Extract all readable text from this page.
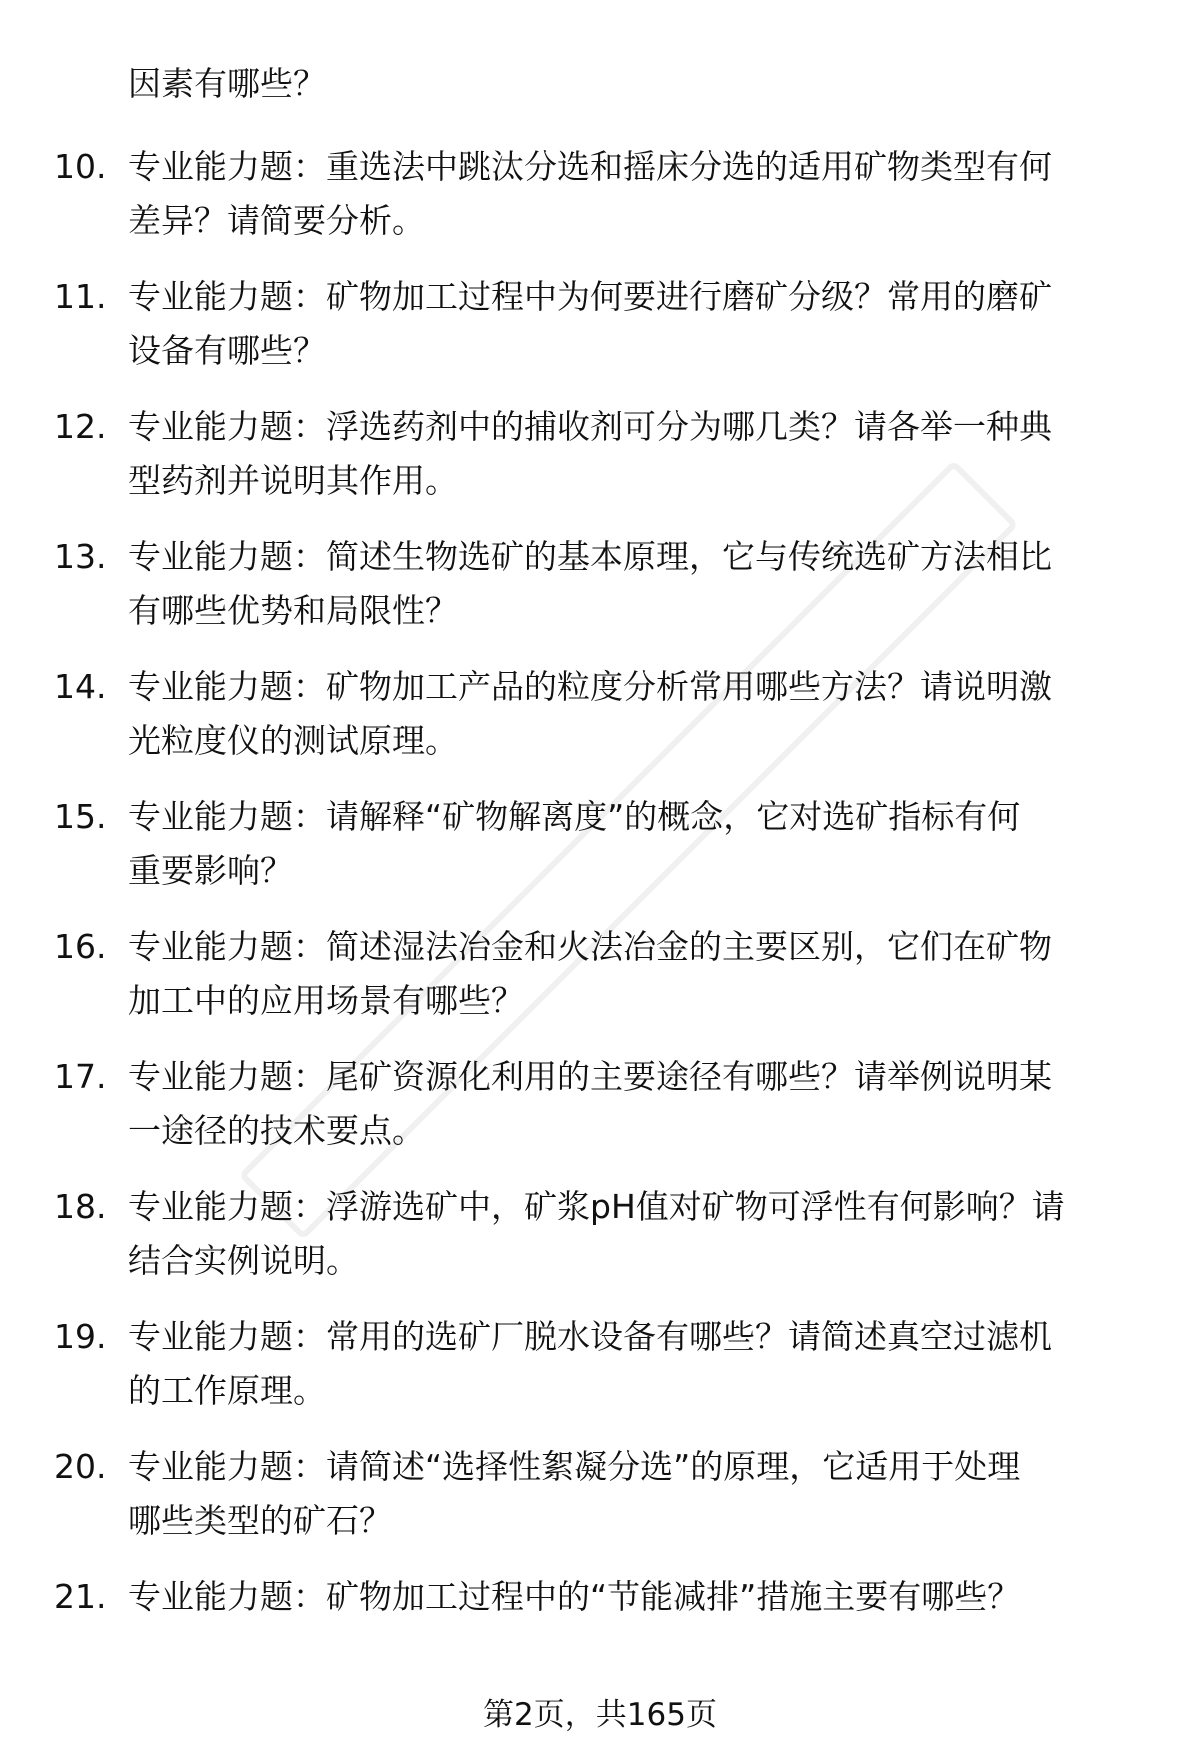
因素有哪些？

10. 专业能力题：重选法中跳汰分选和摇床分选的适用矿物类型有何
差异？请简要分析。

11. 专业能力题：矿物加工过程中为何要进行磨矿分级？常用的磨矿
设备有哪些？

12. 专业能力题：浮选药剂中的捕收剂可分为哪几类？请各举一种典
型药剂并说明其作用。

13. 专业能力题：简述生物选矿的基本原理，它与传统选矿方法相比
有哪些优势和局限性？

14. 专业能力题：矿物加工产品的粒度分析常用哪些方法？请说明激
光粒度仪的测试原理。

15. 专业能力题：请解释“矿物解离度”的概念，它对选矿指标有何
重要影响？

16. 专业能力题：简述湿法冶金和火法冶金的主要区别，它们在矿物
加工中的应用场景有哪些？

17. 专业能力题：尾矿资源化利用的主要途径有哪些？请举例说明某
一途径的技术要点。

18. 专业能力题：浮游选矿中，矿浆pH值对矿物可浮性有何影响？请
结合实例说明。

19. 专业能力题：常用的选矿厂脱水设备有哪些？请简述真空过滤机
的工作原理。

20. 专业能力题：请简述“选择性絮凝分选”的原理，它适用于处理
哪些类型的矿石？

21. 专业能力题：矿物加工过程中的“节能减排”措施主要有哪些？

第2页，共165页
